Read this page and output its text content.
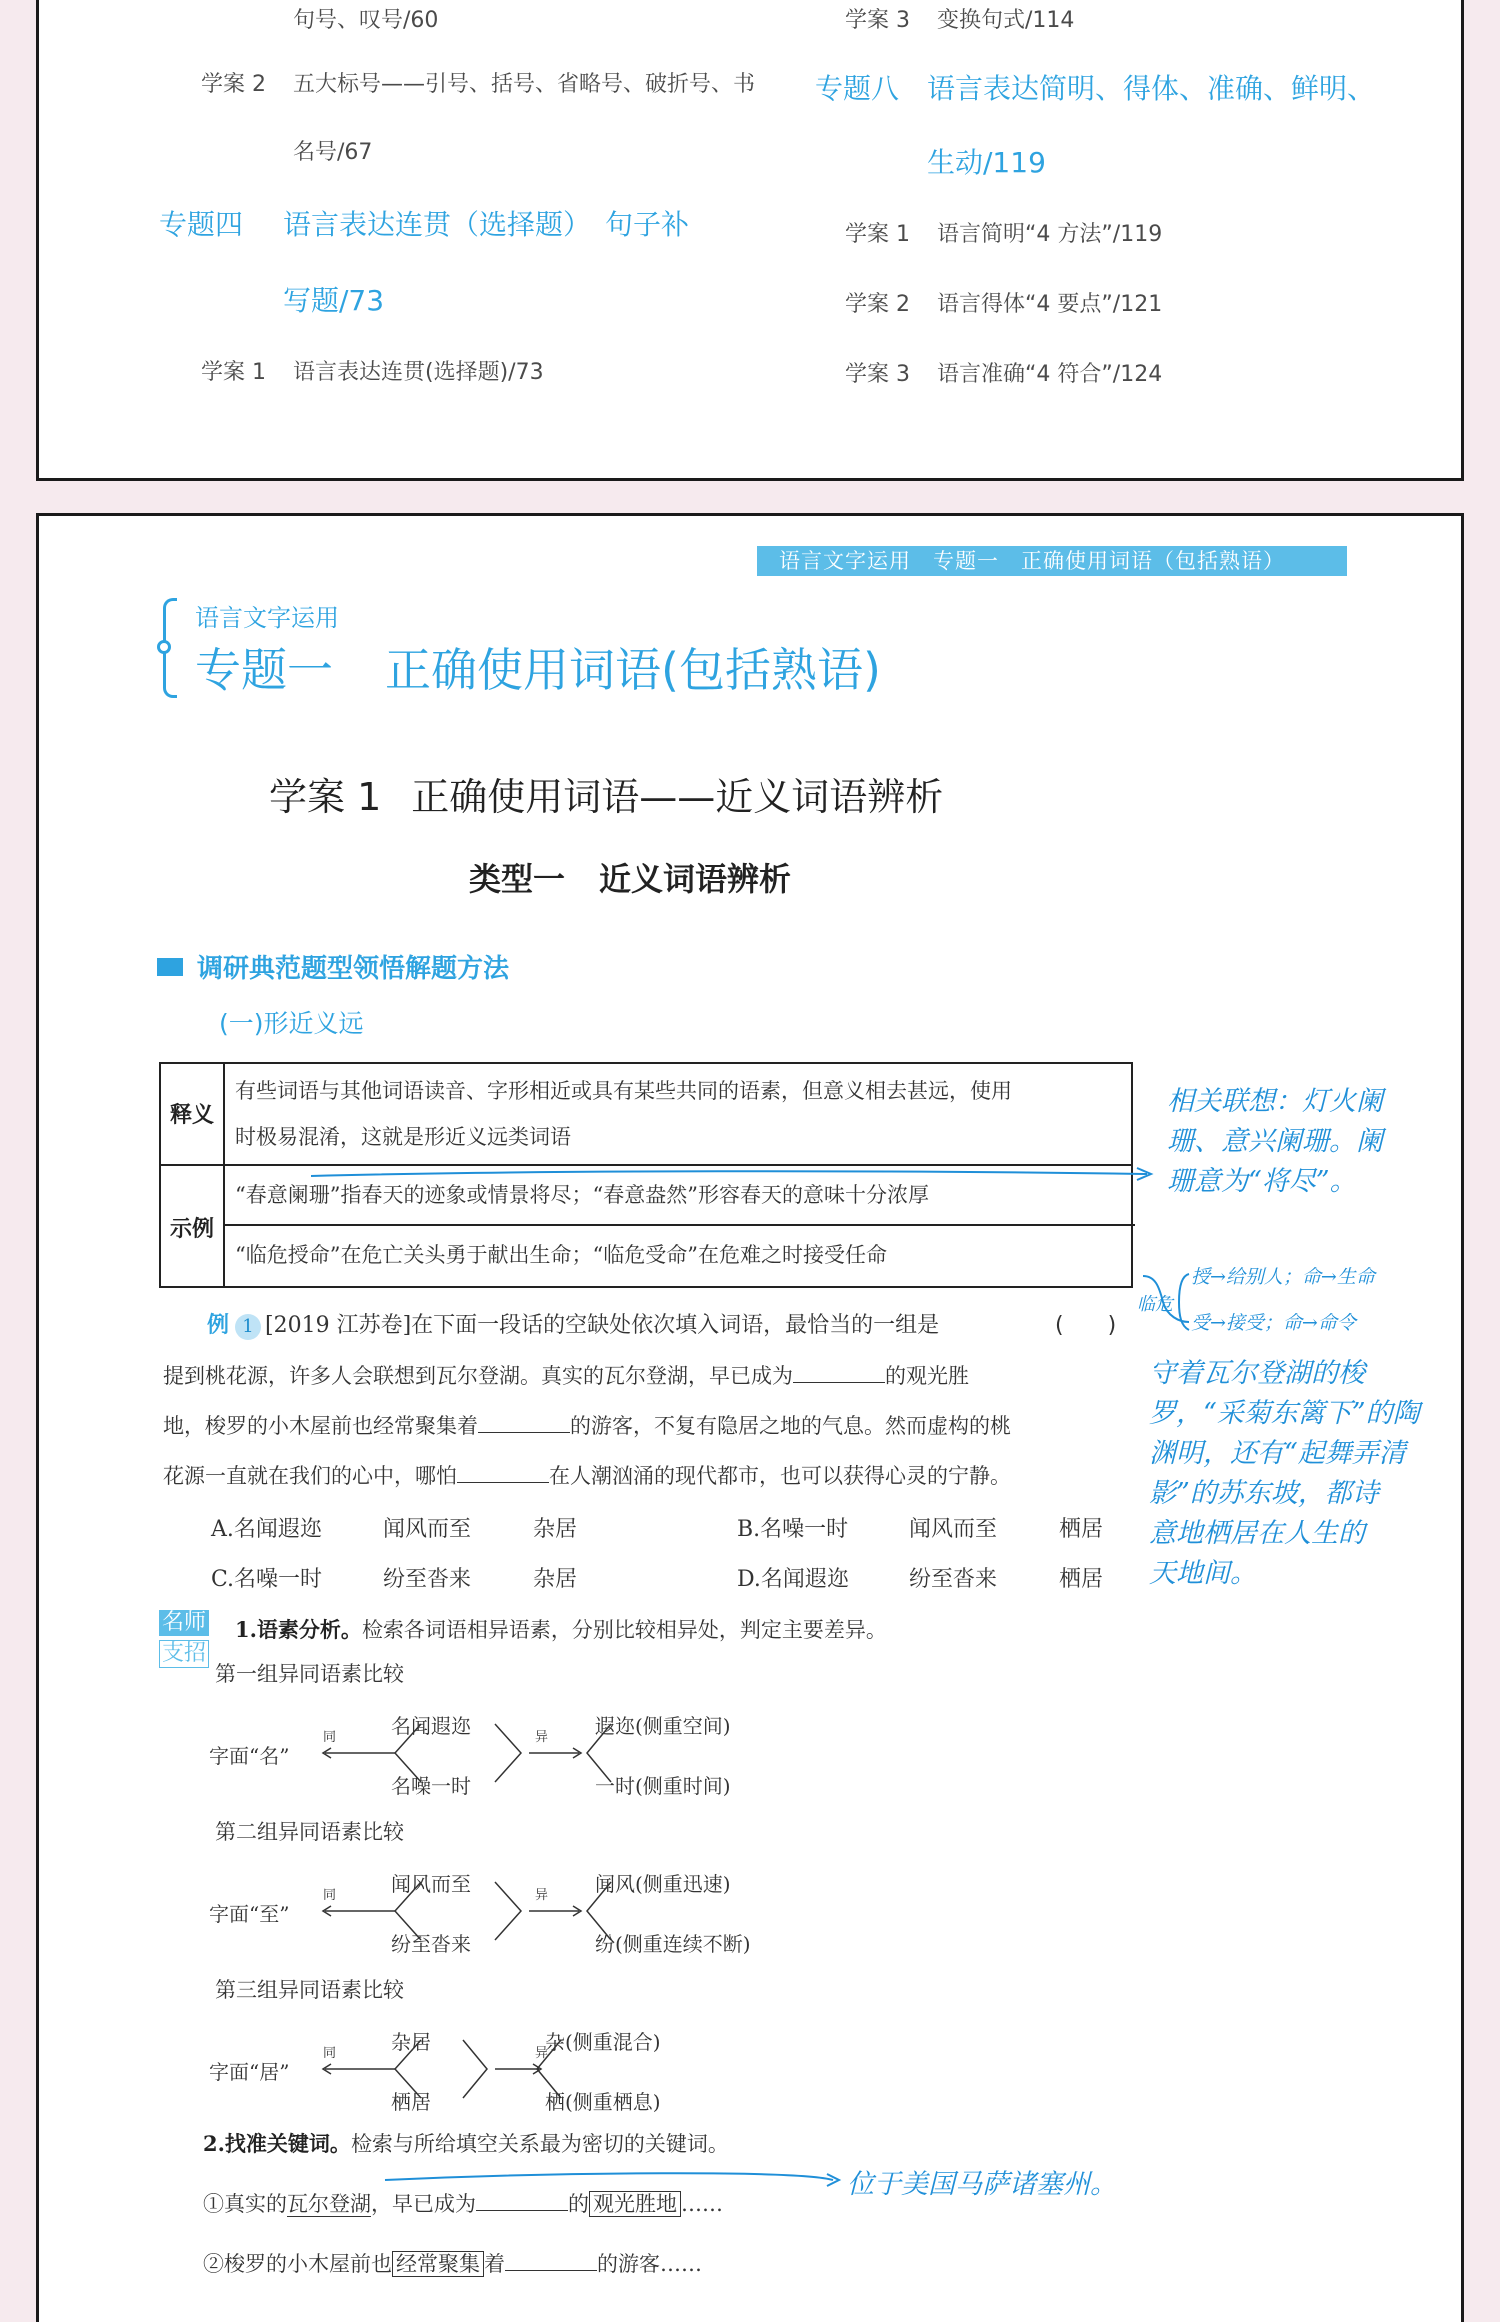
句号、叹号/60
学案 2 五大标号——引号、括号、省略号、破折号、书
名号/67
专题四 语言表达连贯（选择题）　句子补
写题/73
学案 1 语言表达连贯(选择题)/73
学案 3 变换句式/114
专题八 语言表达简明、得体、准确、鲜明、
生动/119
学案 1 语言简明“4 方法”/119
学案 2 语言得体“4 要点”/121
学案 3 语言准确“4 符合”/124
语言文字运用 专题一 正确使用词语（包括熟语）
语言文字运用
专题一 正确使用词语(包括熟语)
学案 1 正确使用词语——近义词语辨析
类型一 近义词语辨析
调研典范题型领悟解题方法
(一)形近义远
释义
有些词语与其他词语读音、字形相近或具有某些共同的语素，但意义相去甚远，使用
时极易混淆，这就是形近义远类词语
示例
“春意阑珊”指春天的迹象或情景将尽；“春意盎然”形容春天的意味十分浓厚
“临危授命”在危亡关头勇于献出生命；“临危受命”在危难之时接受任命
例 1 [2019 江苏卷]在下面一段话的空缺处依次填入词语，最恰当的一组是	(　　)
提到桃花源，许多人会联想到瓦尔登湖。真实的瓦尔登湖，早已成为	的观光胜
地，梭罗的小木屋前也经常聚集着	的游客，不复有隐居之地的气息。然而虚构的桃
花源一直就在我们的心中，哪怕	在人潮汹涌的现代都市，也可以获得心灵的宁静。
A.名闻遐迩	闻风而至	杂居	B.名噪一时	闻风而至	栖居
C.名噪一时	纷至沓来	杂居	D.名闻遐迩	纷至沓来	栖居
名师
支招
1.语素分析。检索各词语相异语素，分别比较相异处，判定主要差异。
第一组异同语素比较
字面“名”
同	名闻遐迩
名噪一时
异 遐迩(侧重空间)
一时(侧重时间)
第二组异同语素比较
字面“至”
同	闻风而至
纷至沓来
异 闻风(侧重迅速)
纷(侧重连续不断)
第三组异同语素比较
字面“居”
同	杂居
栖居
异
杂(侧重混合)
栖(侧重栖息)
2.找准关键词。检索与所给填空关系最为密切的关键词。
①真实的瓦尔登湖，早已成为	的 观光胜地 ……
②梭罗的小木屋前也 经常聚集 着	的游客……
相关联想：灯火阑
珊、意兴阑珊。阑
珊意为“将尽”。
临危
授→给别人；命→生命
受→接受；命→命令
守着瓦尔登湖的梭
罗，“采菊东篱下”的陶
渊明，还有“起舞弄清
影”的苏东坡，都诗
意地栖居在人生的
天地间。
位于美国马萨诸塞州。
